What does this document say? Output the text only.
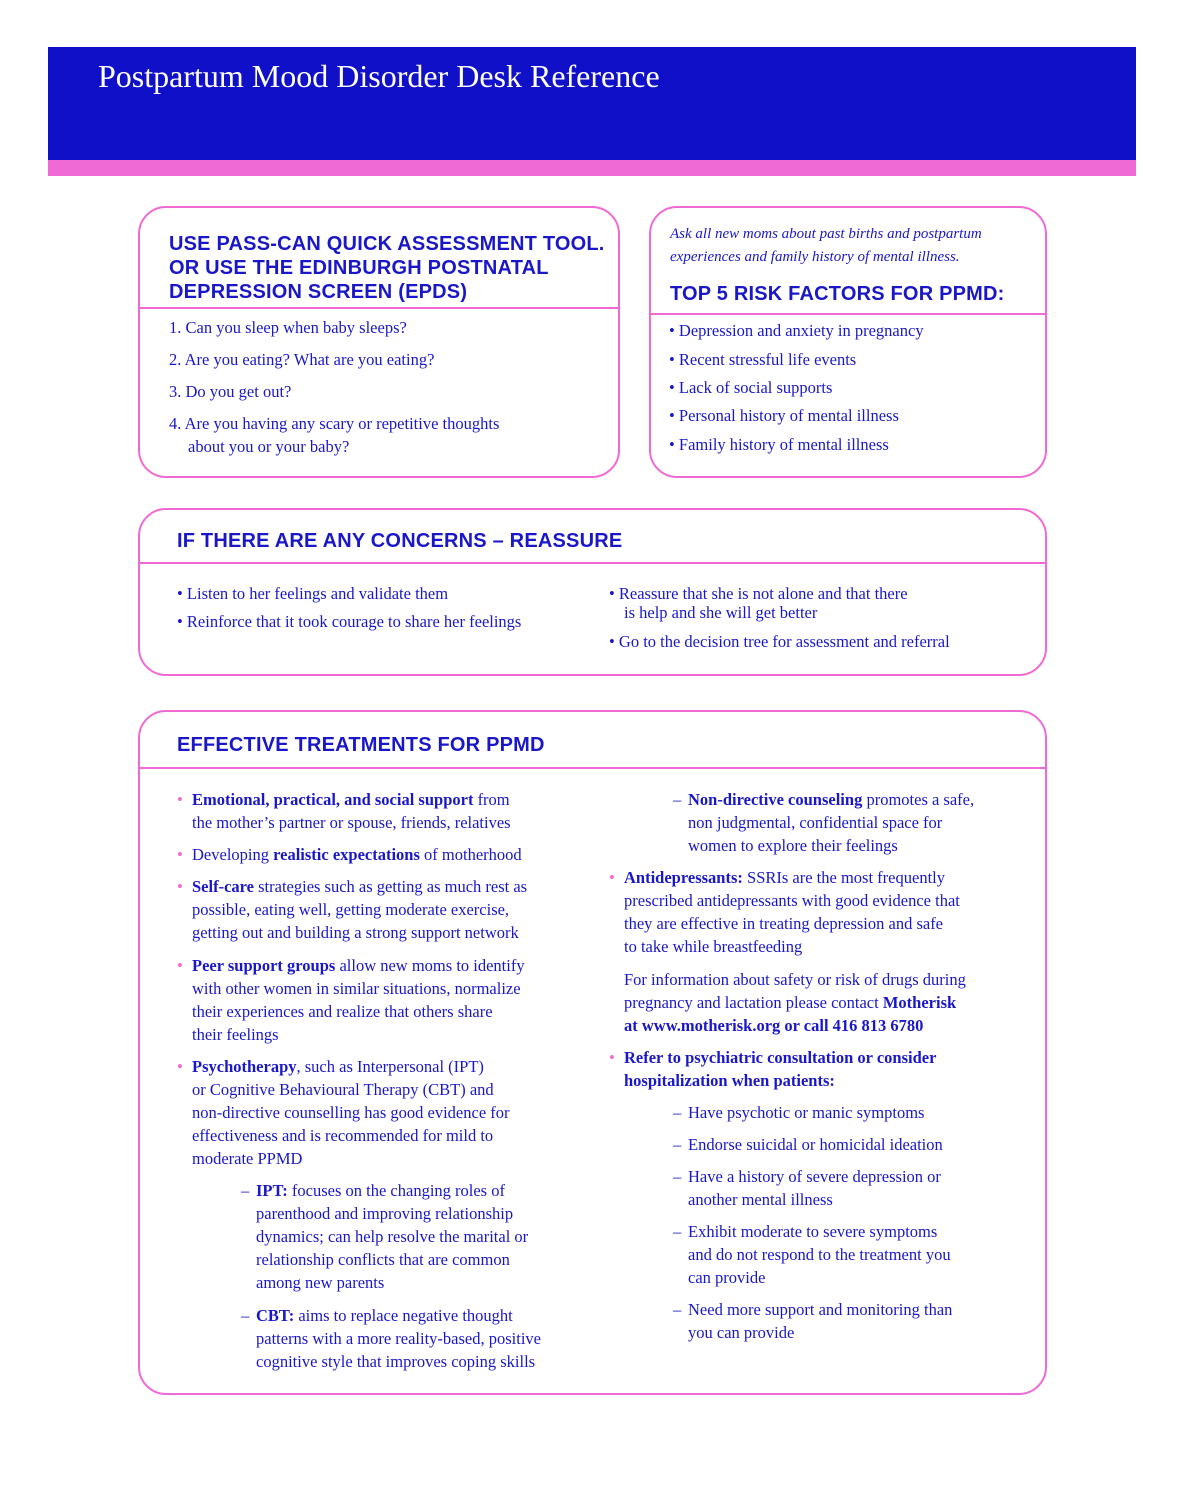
Postpartum Mood Disorder Desk Reference
USE PASS-CAN QUICK ASSESSMENT TOOL.
OR USE THE EDINBURGH POSTNATAL
DEPRESSION SCREEN (EPDS)
1. Can you sleep when baby sleeps?
2. Are you eating? What are you eating?
3. Do you get out?
4. Are you having any scary or repetitive thoughts
about you or your baby?
Ask all new moms about past births and postpartum
experiences and family history of mental illness.
TOP 5 RISK FACTORS FOR PPMD:
• Depression and anxiety in pregnancy
• Recent stressful life events
• Lack of social supports
• Personal history of mental illness
• Family history of mental illness
IF THERE ARE ANY CONCERNS – REASSURE
• Listen to her feelings and validate them
• Reinforce that it took courage to share her feelings
• Reassure that she is not alone and that there
is help and she will get better
• Go to the decision tree for assessment and referral
EFFECTIVE TREATMENTS FOR PPMD
• Emotional, practical, and social support from
the mother’s partner or spouse, friends, relatives
• Developing realistic expectations of motherhood
• Self-care strategies such as getting as much rest as
possible, eating well, getting moderate exercise,
getting out and building a strong support network
• Peer support groups allow new moms to identify
with other women in similar situations, normalize
their experiences and realize that others share
their feelings
• Psychotherapy, such as Interpersonal (IPT)
or Cognitive Behavioural Therapy (CBT) and
non-directive counselling has good evidence for
effectiveness and is recommended for mild to
moderate PPMD
– IPT: focuses on the changing roles of
parenthood and improving relationship
dynamics; can help resolve the marital or
relationship conflicts that are common
among new parents
– CBT: aims to replace negative thought
patterns with a more reality-based, positive
cognitive style that improves coping skills
– Non-directive counseling promotes a safe,
non judgmental, confidential space for
women to explore their feelings
• Antidepressants: SSRIs are the most frequently
prescribed antidepressants with good evidence that
they are effective in treating depression and safe
to take while breastfeeding
For information about safety or risk of drugs during
pregnancy and lactation please contact Motherisk
at www.motherisk.org or call 416 813 6780
• Refer to psychiatric consultation or consider
hospitalization when patients:
– Have psychotic or manic symptoms
– Endorse suicidal or homicidal ideation
– Have a history of severe depression or
another mental illness
– Exhibit moderate to severe symptoms
and do not respond to the treatment you
can provide
– Need more support and monitoring than
you can provide
